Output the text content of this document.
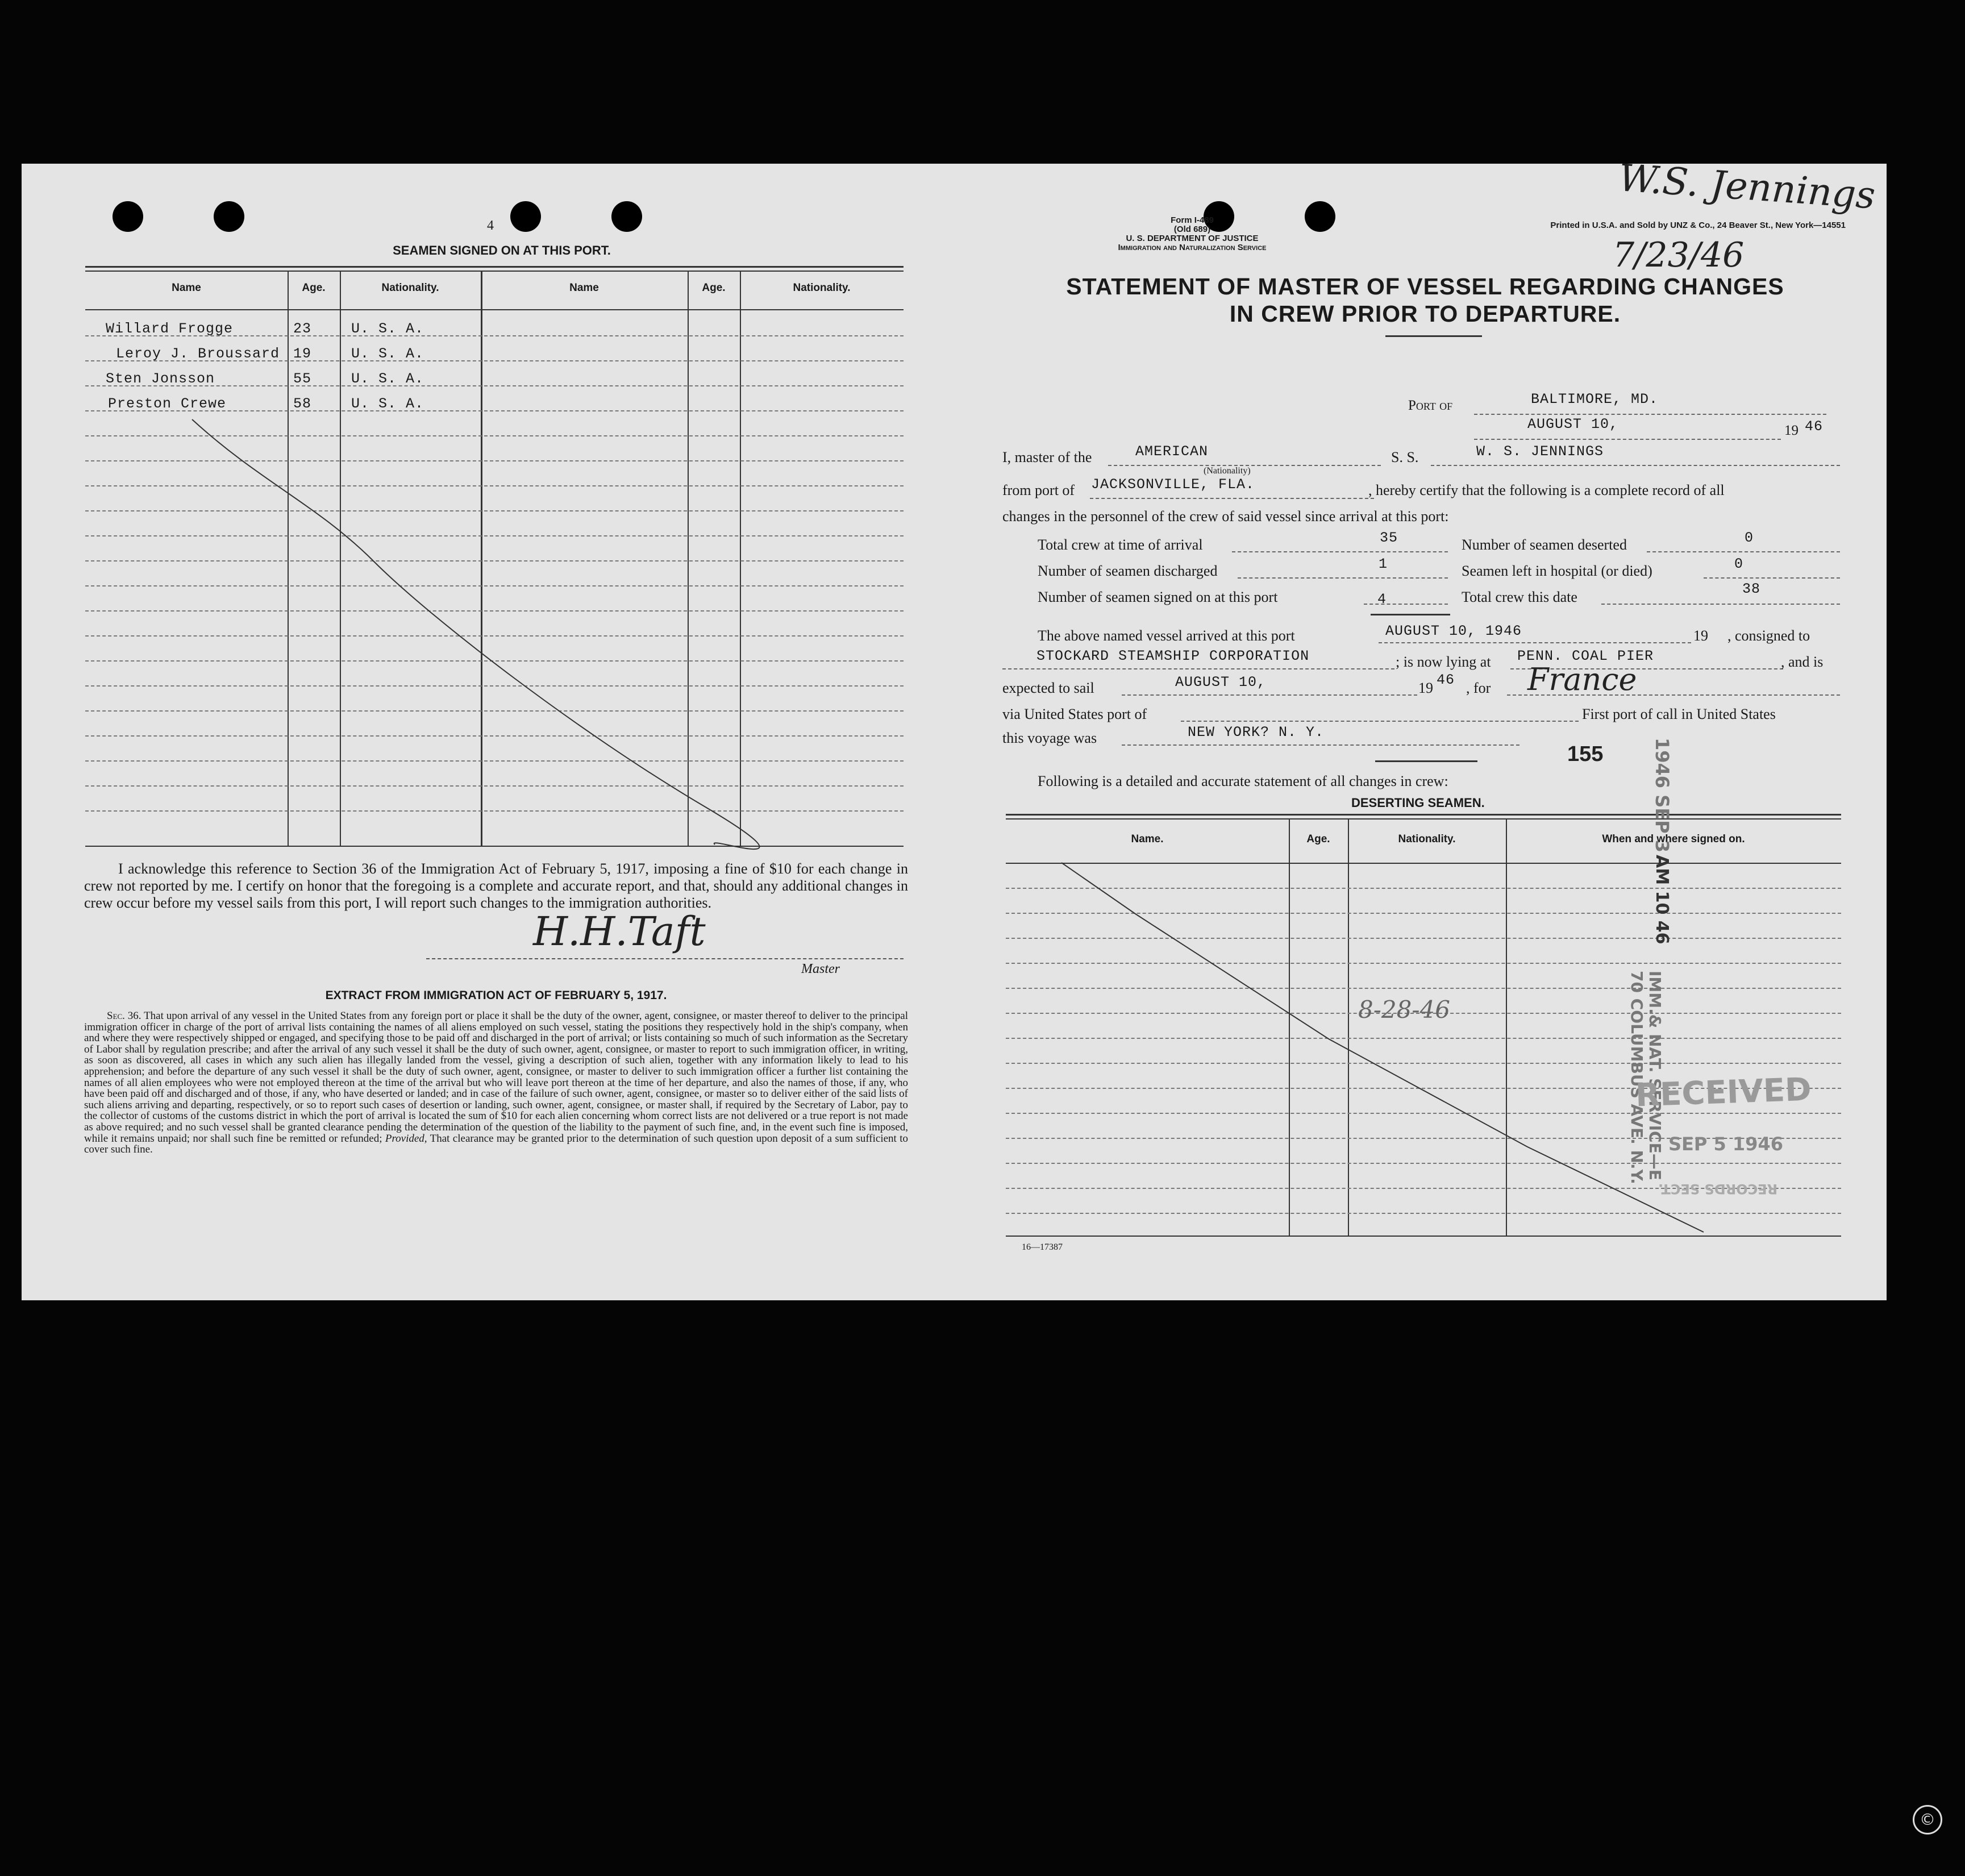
4
SEAMEN SIGNED ON AT THIS PORT.
Name	Age.	Nationality.	Name	Age.	Nationality.
Willard Frogge	23	U. S. A.
Leroy J. Broussard 19	U. S. A.
Sten Jonsson	55	U. S. A.
Preston Crewe	58	U. S. A.
I acknowledge this reference to Section 36 of the Immigration Act of February 5, 1917, imposing a fine of $10 for each change in crew not reported by me. I certify on honor that the foregoing is a complete and accurate report, and that, should any additional changes in crew occur before my vessel sails from this port, I will report such changes to the immigration authorities.
H.H.Taft
Master
EXTRACT FROM IMMIGRATION ACT OF FEBRUARY 5, 1917.
Sec. 36. That upon arrival of any vessel in the United States from any foreign port or place it shall be the duty of the owner, agent, consignee, or master thereof to deliver to the principal immigration officer in charge of the port of arrival lists containing the names of all aliens employed on such vessel, stating the positions they respectively hold in the ship's company, when and where they were respectively shipped or engaged, and specifying those to be paid off and discharged in the port of arrival; or lists containing so much of such information as the Secretary of Labor shall by regulation prescribe; and after the arrival of any such vessel it shall be the duty of such owner, agent, consignee, or master to report to such immigration officer, in writing, as soon as discovered, all cases in which any such alien has illegally landed from the vessel, giving a description of such alien, together with any information likely to lead to his apprehension; and before the departure of any such vessel it shall be the duty of such owner, agent, consignee, or master to deliver to such immigration officer a further list containing the names of all alien employees who were not employed thereon at the time of the arrival but who will leave port thereon at the time of her departure, and also the names of those, if any, who have been paid off and discharged and of those, if any, who have deserted or landed; and in case of the failure of such owner, agent, consignee, or master so to deliver either of the said lists of such aliens arriving and departing, respectively, or so to report such cases of desertion or landing, such owner, agent, consignee, or master shall, if required by the Secretary of Labor, pay to the collector of customs of the customs district in which the port of arrival is located the sum of $10 for each alien concerning whom correct lists are not delivered or a true report is not made as above required; and no such vessel shall be granted clearance pending the determination of the question of the liability to the payment of such fine, and, in the event such fine is imposed, while it remains unpaid; nor shall such fine be remitted or refunded; Provided, That clearance may be granted prior to the determination of such question upon deposit of a sum sufficient to cover such fine.
Form I-489
(Old 689)
U. S. DEPARTMENT OF JUSTICE
Immigration and Naturalization Service
Printed in U.S.A. and Sold by UNZ & Co., 24 Beaver St., New York—14551
W.S. Jennings
7/23/46
STATEMENT OF MASTER OF VESSEL REGARDING CHANGES
IN CREW PRIOR TO DEPARTURE.
Port of	BALTIMORE, MD.
AUGUST 10,	19 46
I, master of the	AMERICAN
(Nationality)
S. S.	W. S. JENNINGS
from port of JACKSONVILLE, FLA.	, hereby certify that the following is a complete record of all
changes in the personnel of the crew of said vessel since arrival at this port:
Total crew at time of arrival	35	Number of seamen deserted	0
Number of seamen discharged	1	Seamen left in hospital (or died)	0
Number of seamen signed on at this port	4	Total crew this date	38
The above named vessel arrived at this port	AUGUST 10, 1946	19 , consigned to
STOCKARD STEAMSHIP CORPORATION	; is now lying at PENN. COAL PIER	, and is
expected to sail	AUGUST 10,	19 46 , for France
via United States port of	First port of call in United States
this voyage was	NEW YORK? N. Y.
155
Following is a detailed and accurate statement of all changes in crew:
DESERTING SEAMEN.
Name.	Age.	Nationality.	When and where signed on.
8-28-46	IMM.& NAT. SERVICE—E
70 COLUMBUS AVE. N.Y.
1946 SEP 3
AM 10 46
RECEIVED
SEP 5 1946
RECORDS SECT.
16—17387
©
